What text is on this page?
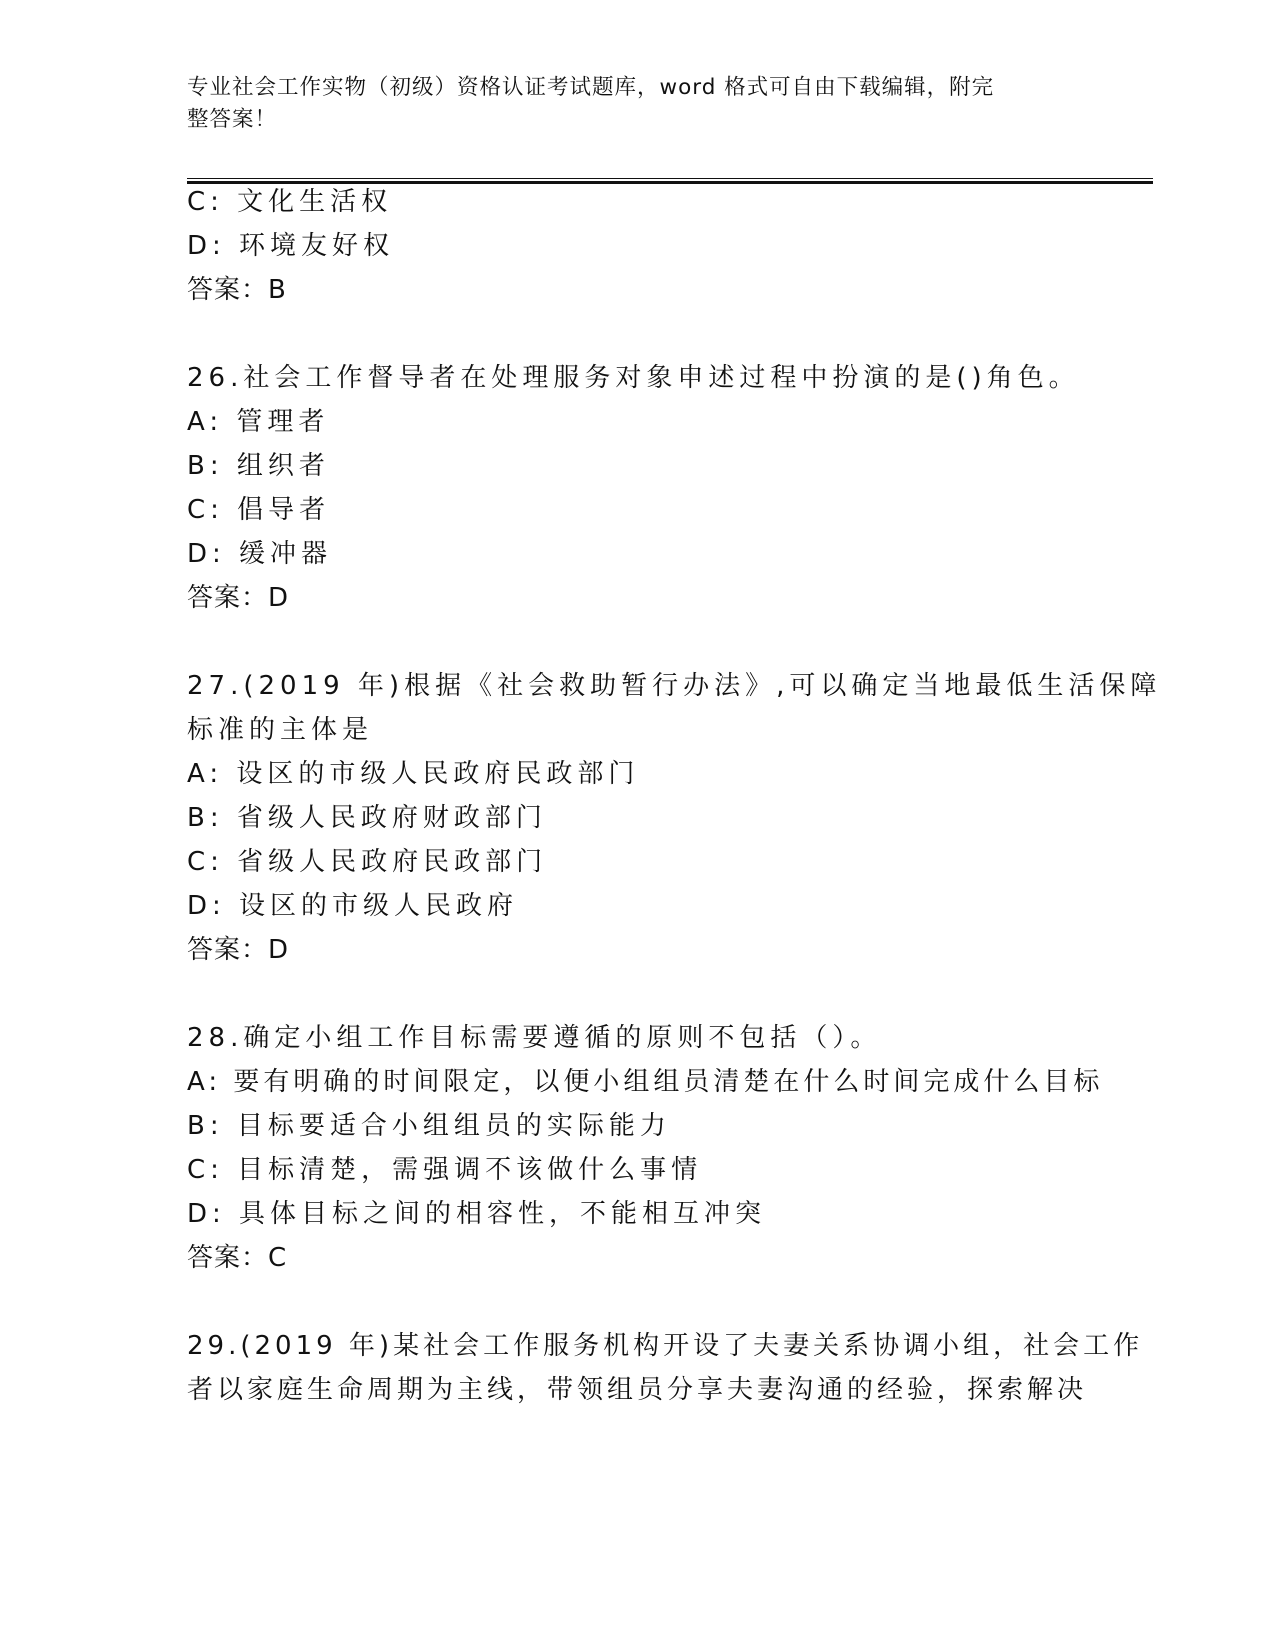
专业社会工作实物（初级）资格认证考试题库，word 格式可自由下载编辑，附完
整答案！
C: 文化生活权
D: 环境友好权
答案：B
26.社会工作督导者在处理服务对象申述过程中扮演的是()角色。
A: 管理者
B: 组织者
C: 倡导者
D: 缓冲器
答案：D
27.(2019 年)根据《社会救助暂行办法》,可以确定当地最低生活保障
标准的主体是
A: 设区的市级人民政府民政部门
B: 省级人民政府财政部门
C: 省级人民政府民政部门
D: 设区的市级人民政府
答案：D
28.确定小组工作目标需要遵循的原则不包括（）。
A: 要有明确的时间限定，以便小组组员清楚在什么时间完成什么目标
B: 目标要适合小组组员的实际能力
C: 目标清楚，需强调不该做什么事情
D: 具体目标之间的相容性，不能相互冲突
答案：C
29.(2019 年)某社会工作服务机构开设了夫妻关系协调小组，社会工作
者以家庭生命周期为主线，带领组员分享夫妻沟通的经验，探索解决
